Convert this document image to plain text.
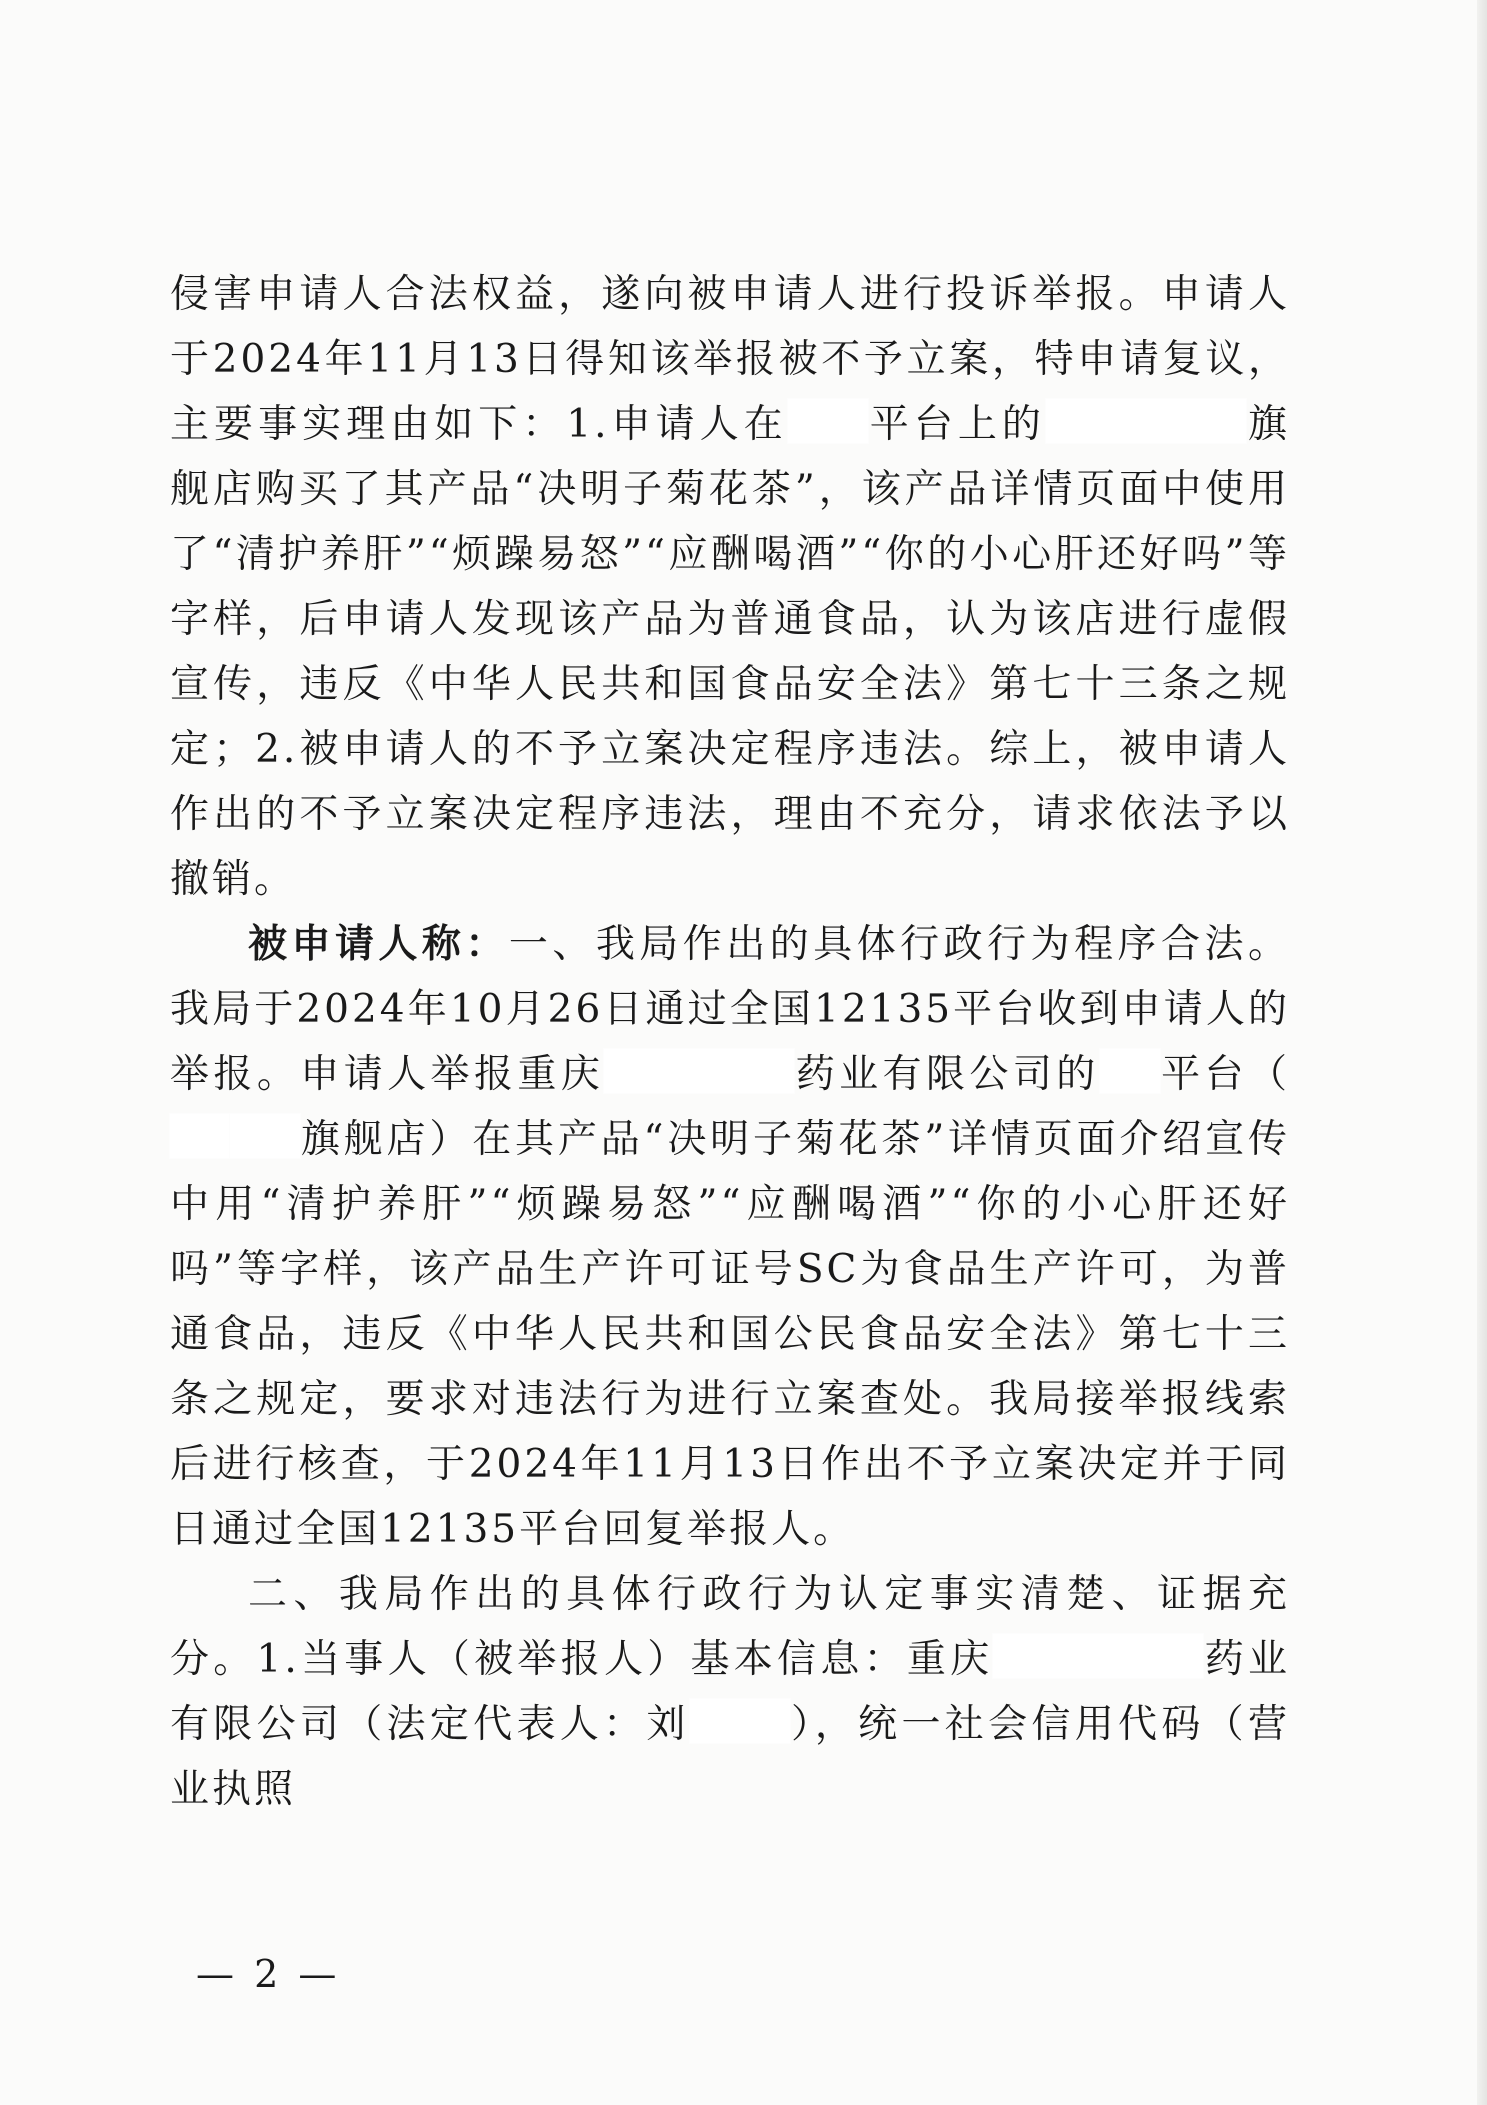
侵害申请人合法权益，遂向被申请人进行投诉举报。申请人于2024年11月13日得知该举报被不予立案，特申请复议，主要事实理由如下：1.申请人在 平台上的	旗舰店购买了其产品“决明子菊花茶”，该产品详情页面中使用了“清护养肝”“烦躁易怒”“应酬喝酒”“你的小心肝还好吗”等字样，后申请人发现该产品为普通食品，认为该店进行虚假宣传，违反《中华人民共和国食品安全法》第七十三条之规定；2.被申请人的不予立案决定程序违法。综上，被申请人作出的不予立案决定程序违法，理由不充分，请求依法予以撤销。

被申请人称：一、我局作出的具体行政行为程序合法。我局于2024年10月26日通过全国12135平台收到申请人的举报。申请人举报重庆	药业有限公司的 平台（旗舰店）在其产品“决明子菊花茶”详情页面介绍宣传中用“清护养肝”“烦躁易怒”“应酬喝酒”“你的小心肝还好吗”等字样，该产品生产许可证号SC为食品生产许可，为普通食品，违反《中华人民共和国公民食品安全法》第七十三条之规定，要求对违法行为进行立案查处。我局接举报线索后进行核查，于2024年11月13日作出不予立案决定并于同日通过全国12135平台回复举报人。

二、我局作出的具体行政行为认定事实清楚、证据充分。1.当事人（被举报人）基本信息：重庆	药业有限公司（法定代表人：刘	），统一社会信用代码（营业执照

— 2 —
